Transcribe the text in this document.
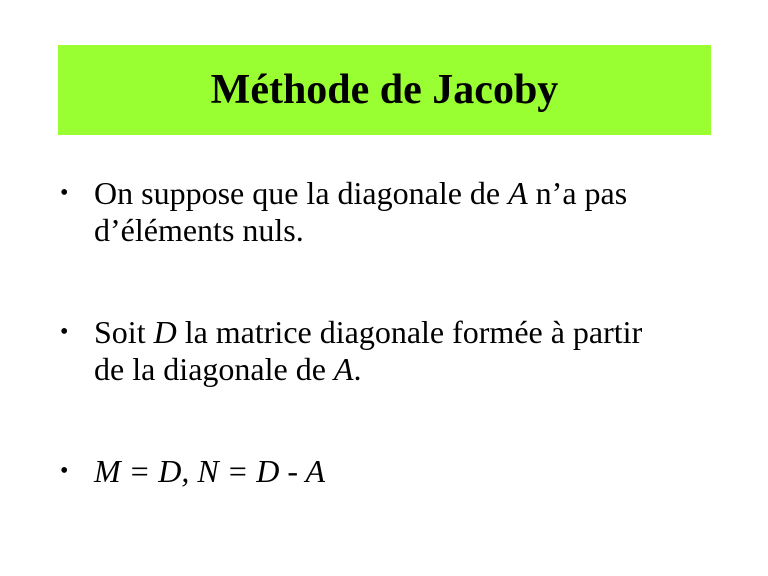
Méthode de Jacoby
• On suppose que la diagonale de A n’a pas
d’éléments nuls.
• Soit D la matrice diagonale formée à partir
de la diagonale de A.
• M = D, N = D - A
